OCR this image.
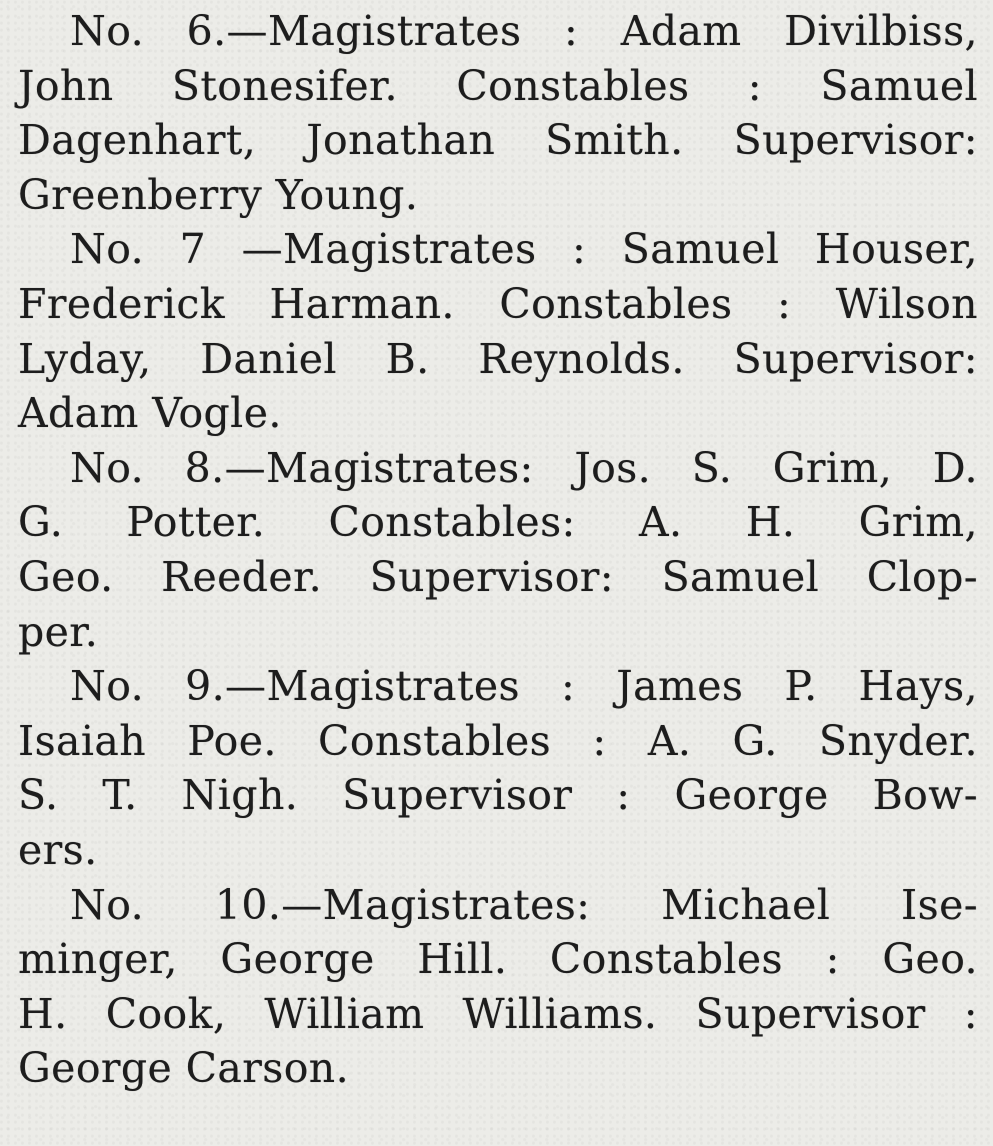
No. 6.—Magistrates : Adam Divilbiss,
John Stonesifer. Constables : Samuel
Dagenhart, Jonathan Smith. Supervisor:
Greenberry Young.
No. 7 —Magistrates : Samuel Houser,
Frederick Harman. Constables : Wilson
Lyday, Daniel B. Reynolds. Supervisor:
Adam Vogle.
No. 8.—Magistrates: Jos. S. Grim, D.
G. Potter. Constables: A. H. Grim,
Geo. Reeder. Supervisor: Samuel Clop-
per.
No. 9.—Magistrates : James P. Hays,
Isaiah Poe. Constables : A. G. Snyder.
S. T. Nigh. Supervisor : George Bow-
ers.
No. 10.—Magistrates: Michael Ise-
minger, George Hill. Constables : Geo.
H. Cook, William Williams. Supervisor :
George Carson.
